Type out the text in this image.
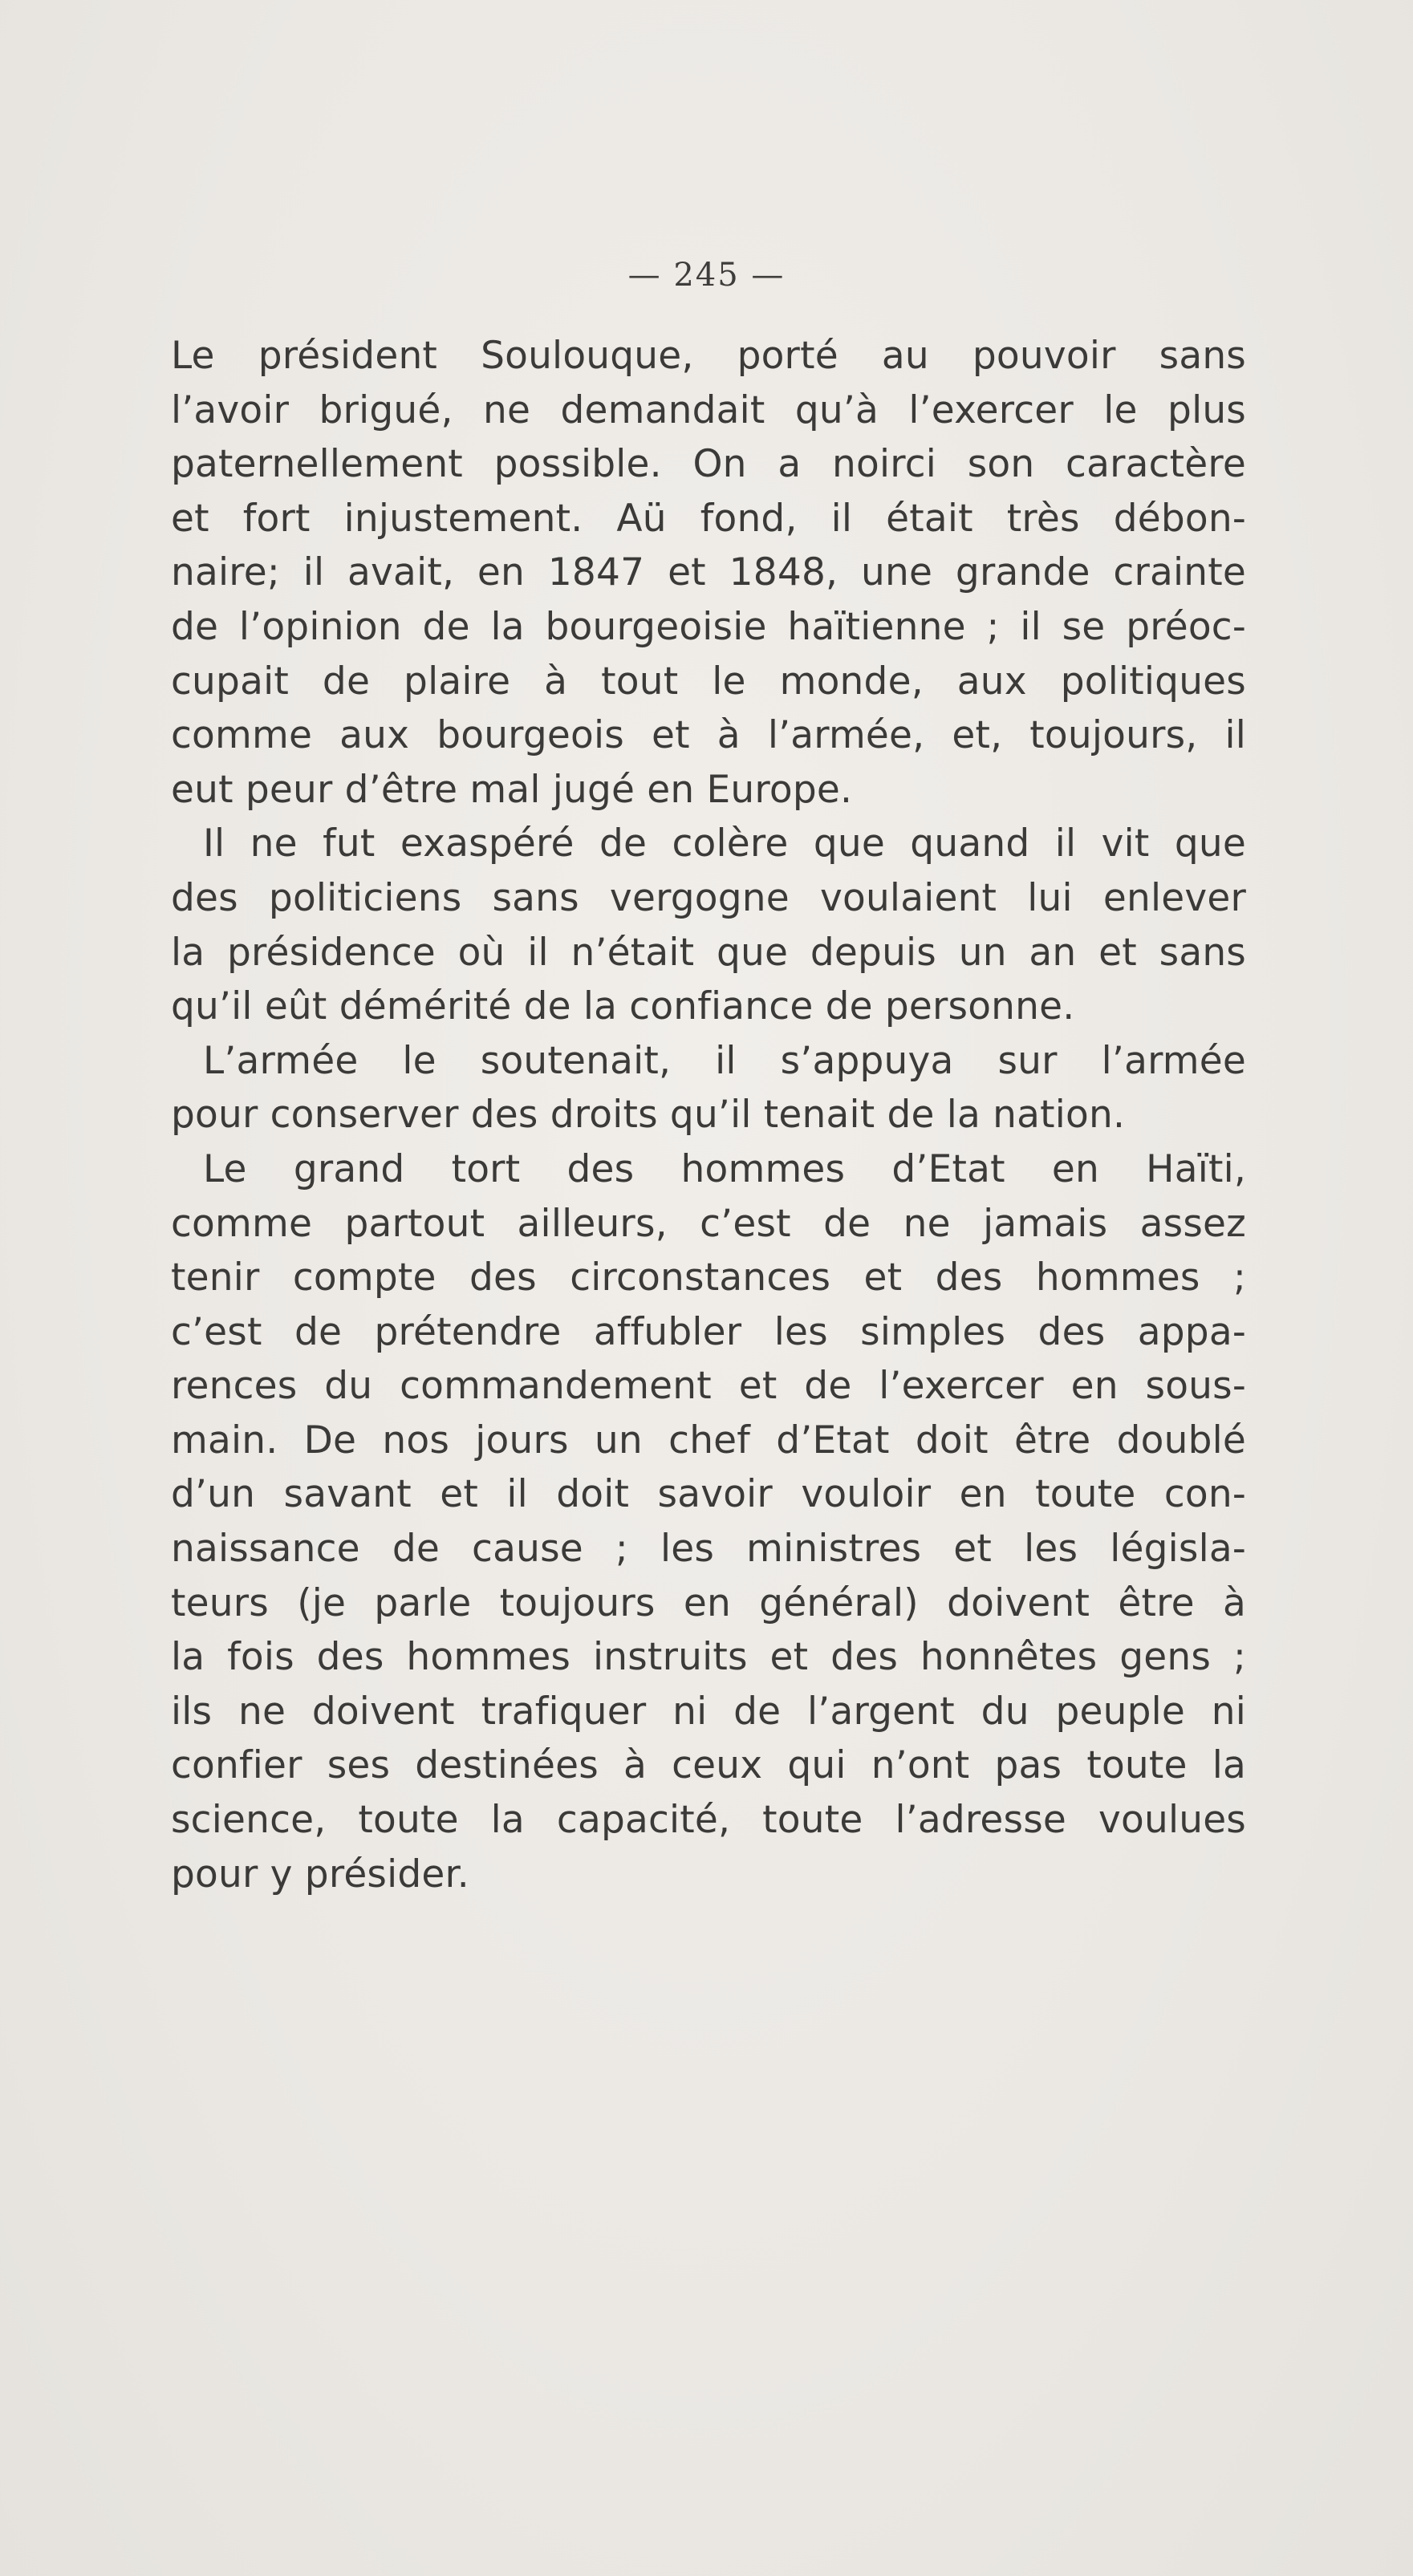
— 245 —

Le président Soulouque, porté au pouvoir sans
l’avoir brigué, ne demandait qu’à l’exercer le plus
paternellement possible. On a noirci son caractère
et fort injustement. Aü fond, il était très débon-
naire; il avait, en 1847 et 1848, une grande crainte
de l’opinion de la bourgeoisie haïtienne ; il se préoc-
cupait de plaire à tout le monde, aux politiques
comme aux bourgeois et à l’armée, et, toujours, il
eut peur d’être mal jugé en Europe.
Il ne fut exaspéré de colère que quand il vit que
des politiciens sans vergogne voulaient lui enlever
la présidence où il n’était que depuis un an et sans
qu’il eût démérité de la confiance de personne.
L’armée le soutenait, il s’appuya sur l’armée
pour conserver des droits qu’il tenait de la nation.
Le grand tort des hommes d’Etat en Haïti,
comme partout ailleurs, c’est de ne jamais assez
tenir compte des circonstances et des hommes ;
c’est de prétendre affubler les simples des appa-
rences du commandement et de l’exercer en sous-
main. De nos jours un chef d’Etat doit être doublé
d’un savant et il doit savoir vouloir en toute con-
naissance de cause ; les ministres et les législa-
teurs (je parle toujours en général) doivent être à
la fois des hommes instruits et des honnêtes gens ;
ils ne doivent trafiquer ni de l’argent du peuple ni
confier ses destinées à ceux qui n’ont pas toute la
science, toute la capacité, toute l’adresse voulues
pour y présider.
